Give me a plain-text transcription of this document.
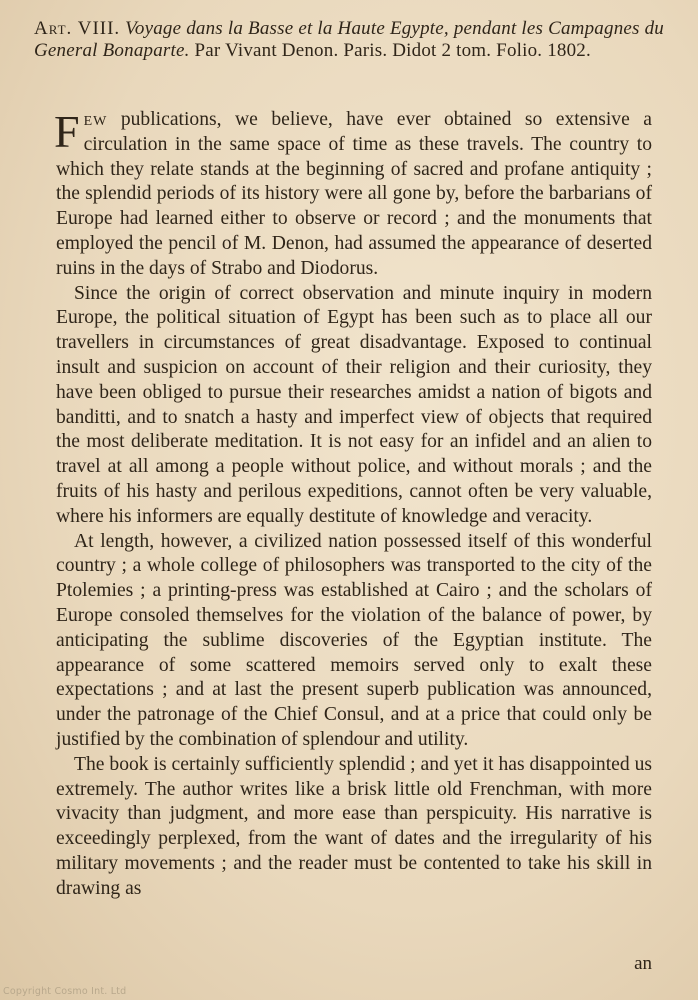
Art. VIII. Voyage dans la Basse et la Haute Egypte, pendant les Campagnes du General Bonaparte. Par Vivant Denon. Paris. Didot 2 tom. Folio. 1802.

Few publications, we believe, have ever obtained so extensive a circulation in the same space of time as these travels. The country to which they relate stands at the beginning of sacred and profane antiquity ; the splendid periods of its history were all gone by, before the barbarians of Europe had learned either to observe or record ; and the monuments that employed the pencil of M. Denon, had assumed the appearance of deserted ruins in the days of Strabo and Diodorus.

Since the origin of correct observation and minute inquiry in modern Europe, the political situation of Egypt has been such as to place all our travellers in circumstances of great disadvantage. Exposed to continual insult and suspicion on account of their religion and their curiosity, they have been obliged to pursue their researches amidst a nation of bigots and banditti, and to snatch a hasty and imperfect view of objects that required the most deliberate meditation. It is not easy for an infidel and an alien to travel at all among a people without police, and without morals ; and the fruits of his hasty and perilous expeditions, cannot often be very valuable, where his informers are equally destitute of knowledge and veracity.

At length, however, a civilized nation possessed itself of this wonderful country ; a whole college of philosophers was transported to the city of the Ptolemies ; a printing-press was established at Cairo ; and the scholars of Europe consoled themselves for the violation of the balance of power, by anticipating the sublime discoveries of the Egyptian institute. The appearance of some scattered memoirs served only to exalt these expectations ; and at last the present superb publication was announced, under the patronage of the Chief Consul, and at a price that could only be justified by the combination of splendour and utility.

The book is certainly sufficiently splendid ; and yet it has disappointed us extremely. The author writes like a brisk little old Frenchman, with more vivacity than judgment, and more ease than perspicuity. His narrative is exceedingly perplexed, from the want of dates and the irregularity of his military movements ; and the reader must be contented to take his skill in drawing as

an
Copyright Cosmo Int. Ltd
